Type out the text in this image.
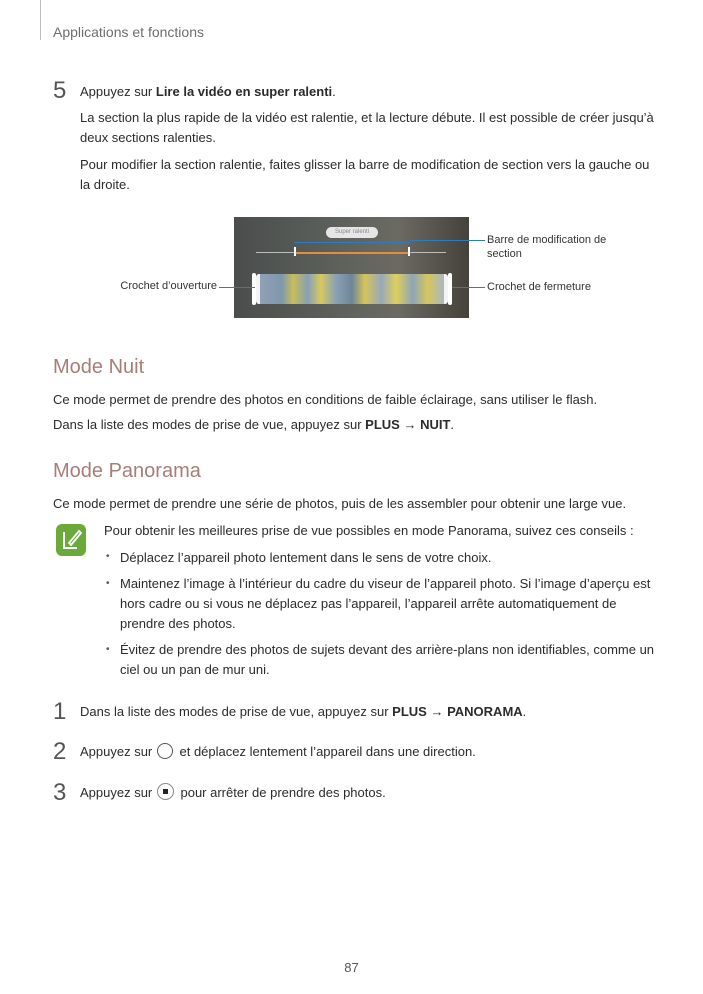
Applications et fonctions
5 Appuyez sur Lire la vidéo en super ralenti.
La section la plus rapide de la vidéo est ralentie, et la lecture débute. Il est possible de créer jusqu’à deux sections ralenties.
Pour modifier la section ralentie, faites glisser la barre de modification de section vers la gauche ou la droite.
Super ralenti
Barre de modification de section
Crochet de fermeture
Crochet d’ouverture
Mode Nuit
Ce mode permet de prendre des photos en conditions de faible éclairage, sans utiliser le flash.
Dans la liste des modes de prise de vue, appuyez sur PLUS → NUIT.
Mode Panorama
Ce mode permet de prendre une série de photos, puis de les assembler pour obtenir une large vue.
Pour obtenir les meilleures prise de vue possibles en mode Panorama, suivez ces conseils :
• Déplacez l’appareil photo lentement dans le sens de votre choix.
• Maintenez l’image à l’intérieur du cadre du viseur de l’appareil photo. Si l’image d’aperçu est hors cadre ou si vous ne déplacez pas l’appareil, l’appareil arrête automatiquement de prendre des photos.
• Évitez de prendre des photos de sujets devant des arrière-plans non identifiables, comme un ciel ou un pan de mur uni.
1 Dans la liste des modes de prise de vue, appuyez sur PLUS → PANORAMA.
2 Appuyez sur  et déplacez lentement l’appareil dans une direction.
3 Appuyez sur
pour arrêter de prendre des photos.
87
